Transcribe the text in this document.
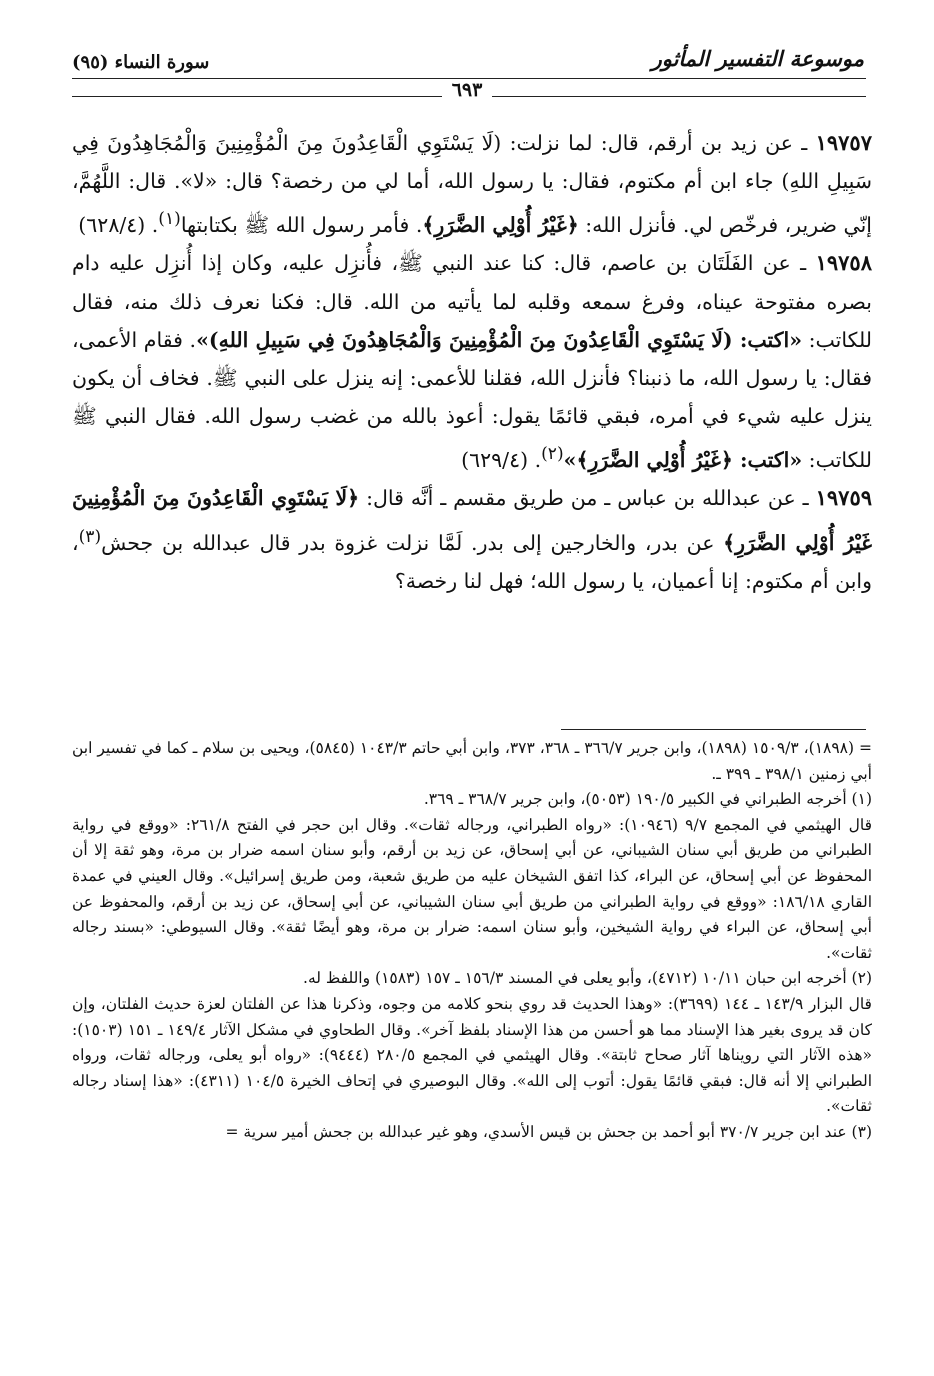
موسوعة التفسير المأثور
سورة النساء (٩٥)
٦٩٣

١٩٧٥٧ ـ عن زيد بن أرقم، قال: لما نزلت: (لَا يَسْتَوِي الْقَاعِدُونَ مِنَ الْمُؤْمِنِينَ وَالْمُجَاهِدُونَ فِي سَبِيلِ اللهِ) جاء ابن أم مكتوم، فقال: يا رسول الله، أما لي من رخصة؟ قال: «لا». قال: اللَّهُمَّ، إنّي ضرير، فرخّص لي. فأنزل الله: ﴿غَيْرُ أُوْلِي الضَّرَرِ﴾. فأمر رسول الله ﷺ بكتابتها$^{(١)}$. (٦٢٨/٤)

١٩٧٥٨ ـ عن الفَلَتَان بن عاصم، قال: كنا عند النبي ﷺ، فأُنزِل عليه، وكان إذا أُنزِل عليه دام بصره مفتوحة عيناه، وفرغ سمعه وقلبه لما يأتيه من الله. قال: فكنا نعرف ذلك منه، فقال للكاتب: «اكتب: (لَا يَسْتَوِي الْقَاعِدُونَ مِنَ الْمُؤْمِنِينَ وَالْمُجَاهِدُونَ فِي سَبِيلِ اللهِ)». فقام الأعمى، فقال: يا رسول الله، ما ذنبنا؟ فأنزل الله، فقلنا للأعمى: إنه ينزل على النبي ﷺ. فخاف أن يكون ينزل عليه شيء في أمره، فبقي قائمًا يقول: أعوذ بالله من غضب رسول الله. فقال النبي ﷺ للكاتب: «اكتب: ﴿غَيْرُ أُوْلِي الضَّرَرِ﴾»$^{(٢)}$. (٦٢٩/٤)

١٩٧٥٩ ـ عن عبدالله بن عباس ـ من طريق مقسم ـ أنَّه قال: ﴿لَا يَسْتَوِي الْقَاعِدُونَ مِنَ الْمُؤْمِنِينَ غَيْرُ أُوْلِي الضَّرَرِ﴾ عن بدر، والخارجين إلى بدر. لَمَّا نزلت غزوة بدر قال عبدالله بن جحش$^{(٣)}$، وابن أم مكتوم: إنا أعميان، يا رسول الله؛ فهل لنا رخصة؟

= (١٨٩٨)، ١٥٠٩/٣ (١٨٩٨)، وابن جرير ٣٦٦/٧ ـ ٣٦٨، ٣٧٣، وابن أبي حاتم ١٠٤٣/٣ (٥٨٤٥)، ويحيى بن سلام ـ كما في تفسير ابن أبي زمنين ٣٩٨/١ ـ ٣٩٩ ـ.

(١) أخرجه الطبراني في الكبير ١٩٠/٥ (٥٠٥٣)، وابن جرير ٣٦٨/٧ ـ ٣٦٩.

قال الهيثمي في المجمع ٩/٧ (١٠٩٤٦): «رواه الطبراني، ورجاله ثقات». وقال ابن حجر في الفتح ٢٦١/٨: «ووقع في رواية الطبراني من طريق أبي سنان الشيباني، عن أبي إسحاق، عن زيد بن أرقم، وأبو سنان اسمه ضرار بن مرة، وهو ثقة إلا أن المحفوظ عن أبي إسحاق، عن البراء، كذا اتفق الشيخان عليه من طريق شعبة، ومن طريق إسرائيل». وقال العيني في عمدة القاري ١٨٦/١٨: «ووقع في رواية الطبراني من طريق أبي سنان الشيباني، عن أبي إسحاق، عن زيد بن أرقم، والمحفوظ عن أبي إسحاق، عن البراء في رواية الشيخين، وأبو سنان اسمه: ضرار بن مرة، وهو أيضًا ثقة». وقال السيوطي: «بسند رجاله ثقات».

(٢) أخرجه ابن حبان ١٠/١١ (٤٧١٢)، وأبو يعلى في المسند ١٥٦/٣ ـ ١٥٧ (١٥٨٣) واللفظ له.

قال البزار ١٤٣/٩ ـ ١٤٤ (٣٦٩٩): «وهذا الحديث قد روي بنحو كلامه من وجوه، وذكرنا هذا عن الفلتان لعزة حديث الفلتان، وإن كان قد يروى بغير هذا الإسناد مما هو أحسن من هذا الإسناد بلفظ آخر». وقال الطحاوي في مشكل الآثار ١٤٩/٤ ـ ١٥١ (١٥٠٣): «هذه الآثار التي رويناها آثار صحاح ثابتة». وقال الهيثمي في المجمع ٢٨٠/٥ (٩٤٤٤): «رواه أبو يعلى، ورجاله ثقات، ورواه الطبراني إلا أنه قال: فبقي قائمًا يقول: أتوب إلى الله». وقال البوصيري في إتحاف الخيرة ١٠٤/٥ (٤٣١١): «هذا إسناد رجاله ثقات».

(٣) عند ابن جرير ٣٧٠/٧ أبو أحمد بن جحش بن قيس الأسدي، وهو غير عبدالله بن جحش أمير سرية =
